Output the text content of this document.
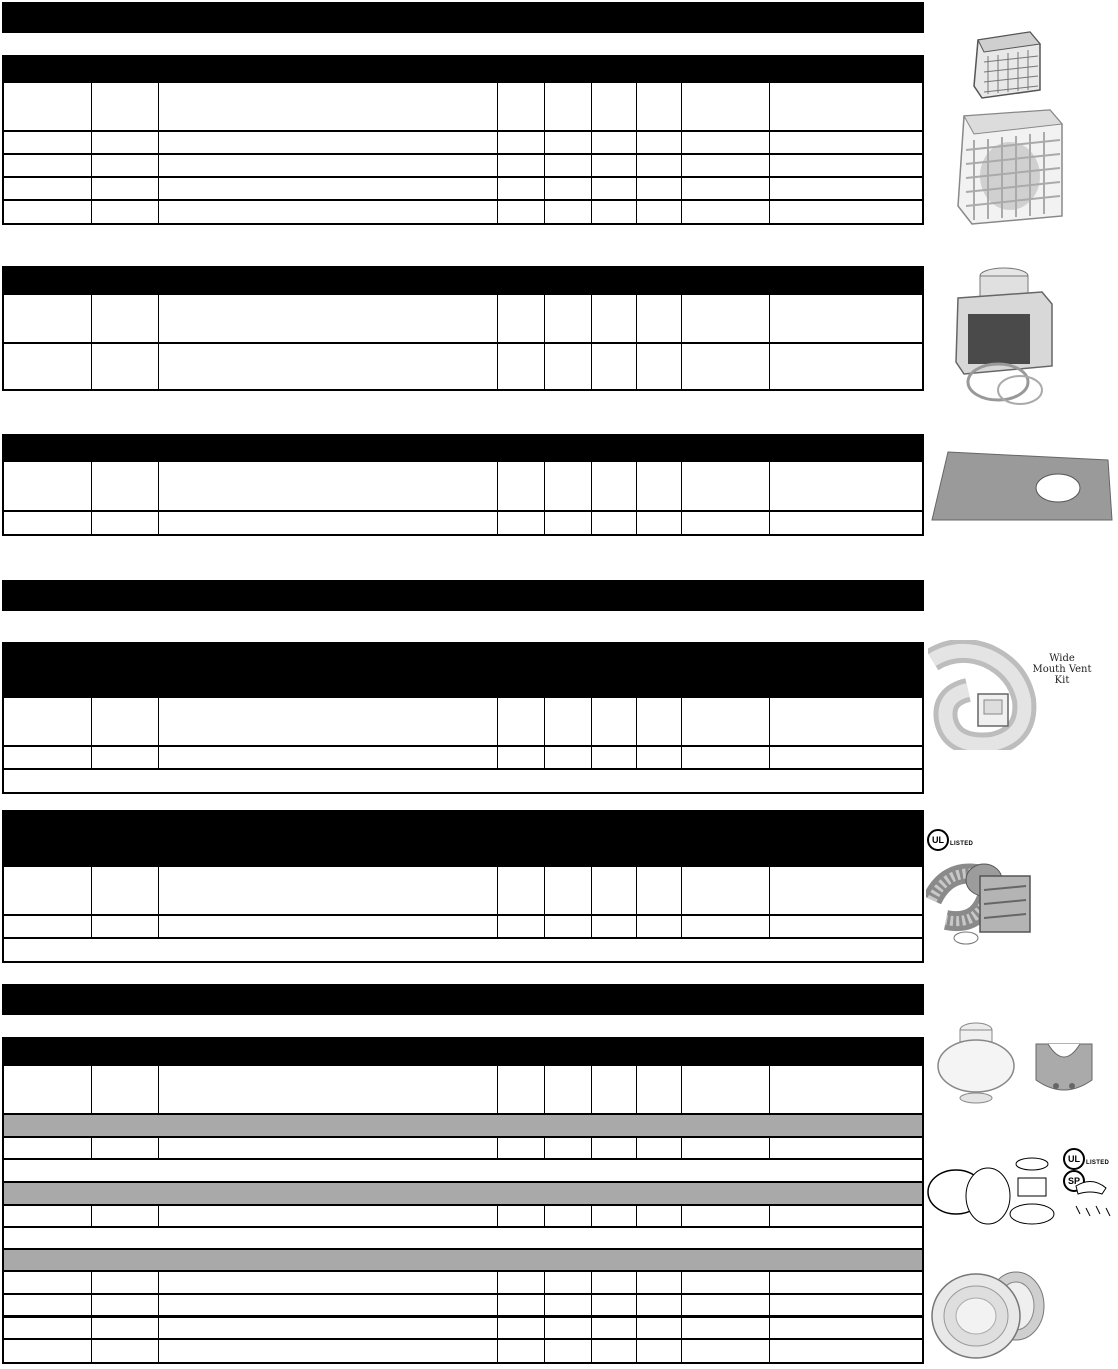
Wide Mouth Vent Kit
UL	LISTED
UL	LISTED
SP
